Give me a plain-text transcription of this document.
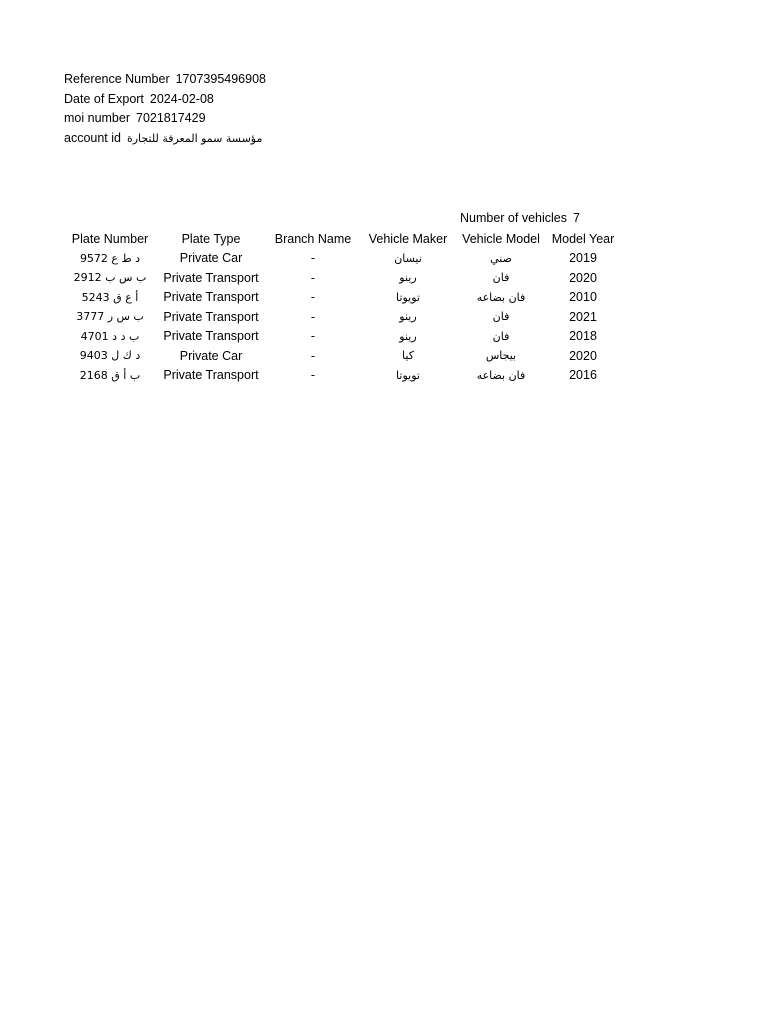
Reference Number 1707395496908
Date of Export 2024-02-08
moi number 7021817429
account id مؤسسة سمو المعرفة للتجارة
Number of vehicles 7
Plate Number	Plate Type	Branch Name	Vehicle Maker	Vehicle Model	Model Year
د ط ع 9572	Private Car	-	نيسان	صني	2019
ب س ب 2912	Private Transport	-	رينو	فان	2020
أ ع ق 5243	Private Transport	-	تويوتا	فان بضاعه	2010
ب س ر 3777	Private Transport	-	رينو	فان	2021
ب د د 4701	Private Transport	-	رينو	فان	2018
د ك ل 9403	Private Car	-	كيا	بيجاس	2020
ب أ ق 2168	Private Transport	-	تويوتا	فان بضاعه	2016
